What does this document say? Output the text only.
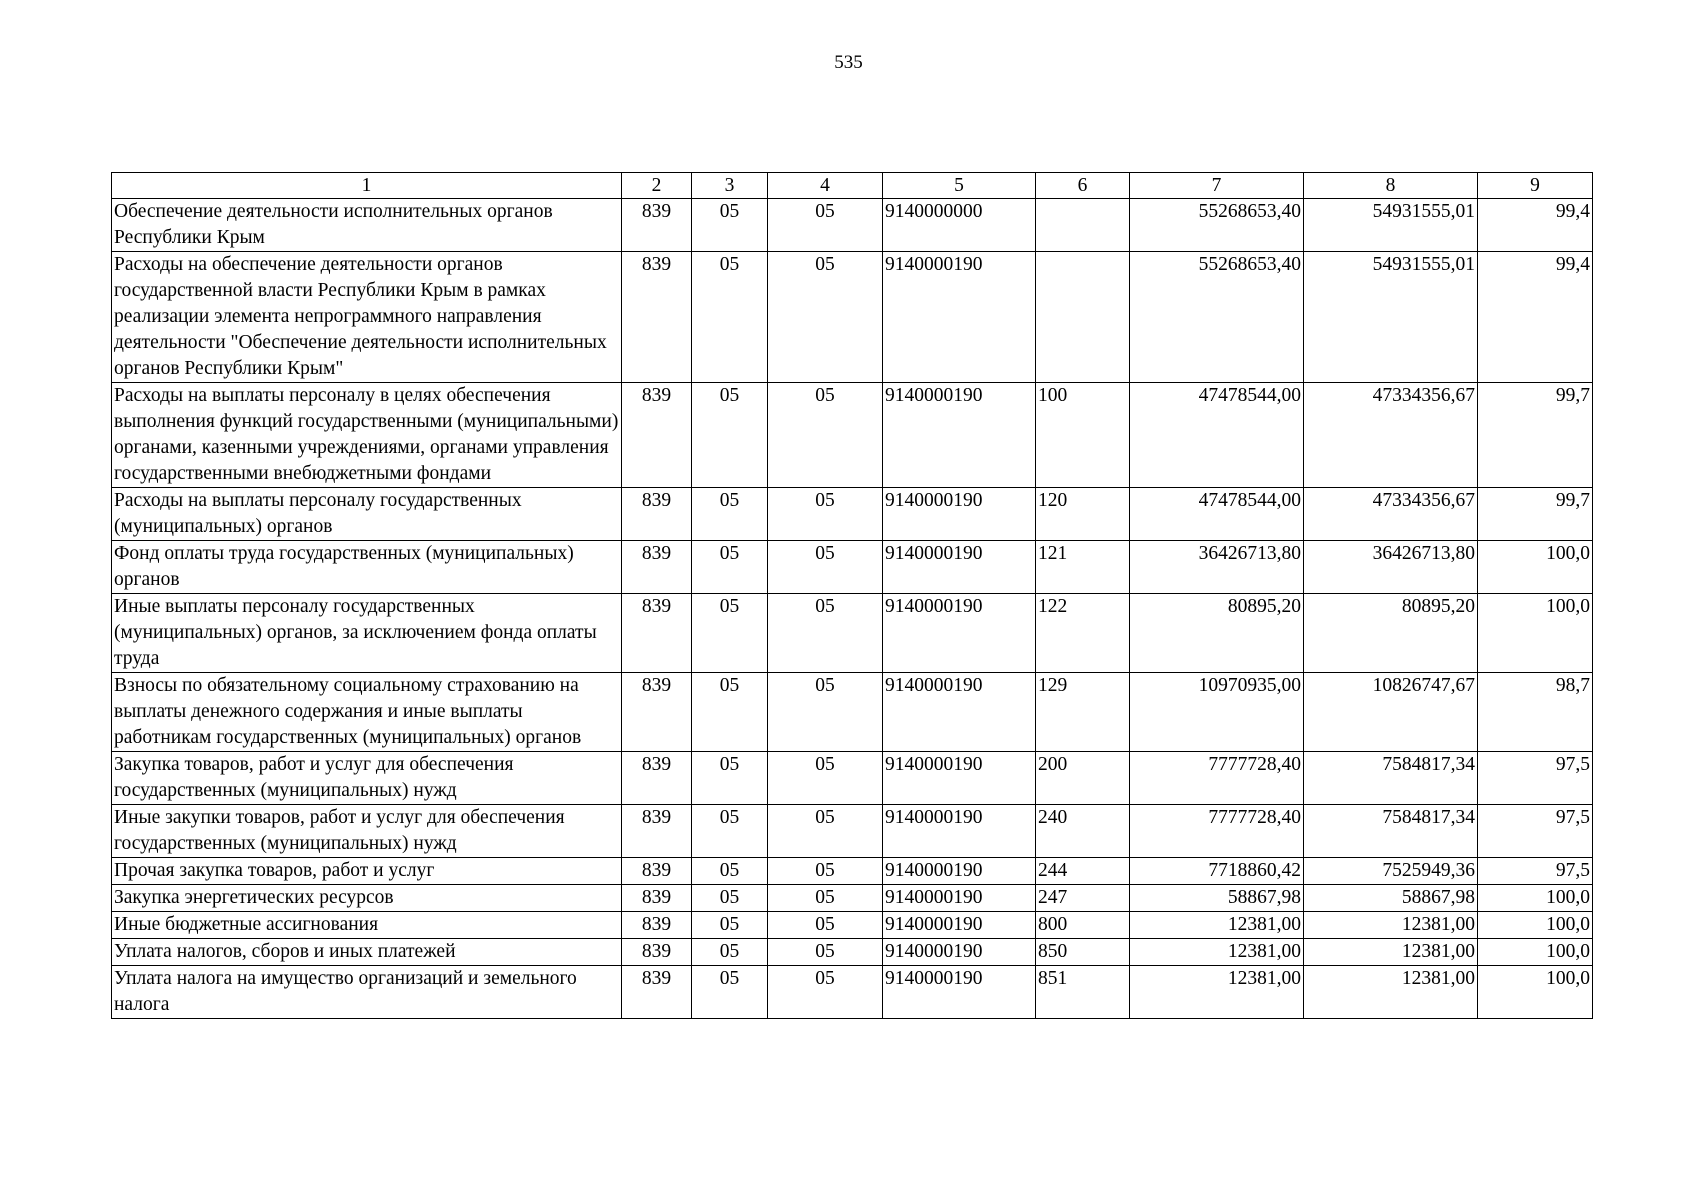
535
1	2	3	4	5	6	7	8	9
Обеспечение деятельности исполнительных органов Республики Крым	839	05	05	9140000000		55268653,40	54931555,01	99,4
Расходы на обеспечение деятельности органов государственной власти Республики Крым в рамках реализации элемента непрограммного направления деятельности "Обеспечение деятельности исполнительных органов Республики Крым"	839	05	05	9140000190		55268653,40	54931555,01	99,4
Расходы на выплаты персоналу в целях обеспечения выполнения функций государственными (муниципальными) органами, казенными учреждениями, органами управления государственными внебюджетными фондами	839	05	05	9140000190	100	47478544,00	47334356,67	99,7
Расходы на выплаты персоналу государственных (муниципальных) органов	839	05	05	9140000190	120	47478544,00	47334356,67	99,7
Фонд оплаты труда государственных (муниципальных) органов	839	05	05	9140000190	121	36426713,80	36426713,80	100,0
Иные выплаты персоналу государственных (муниципальных) органов, за исключением фонда оплаты труда	839	05	05	9140000190	122	80895,20	80895,20	100,0
Взносы по обязательному социальному страхованию на выплаты денежного содержания и иные выплаты работникам государственных (муниципальных) органов	839	05	05	9140000190	129	10970935,00	10826747,67	98,7
Закупка товаров, работ и услуг для обеспечения государственных (муниципальных) нужд	839	05	05	9140000190	200	7777728,40	7584817,34	97,5
Иные закупки товаров, работ и услуг для обеспечения государственных (муниципальных) нужд	839	05	05	9140000190	240	7777728,40	7584817,34	97,5
Прочая закупка товаров, работ и услуг	839	05	05	9140000190	244	7718860,42	7525949,36	97,5
Закупка энергетических ресурсов	839	05	05	9140000190	247	58867,98	58867,98	100,0
Иные бюджетные ассигнования	839	05	05	9140000190	800	12381,00	12381,00	100,0
Уплата налогов, сборов и иных платежей	839	05	05	9140000190	850	12381,00	12381,00	100,0
Уплата налога на имущество организаций и земельного налога	839	05	05	9140000190	851	12381,00	12381,00	100,0
